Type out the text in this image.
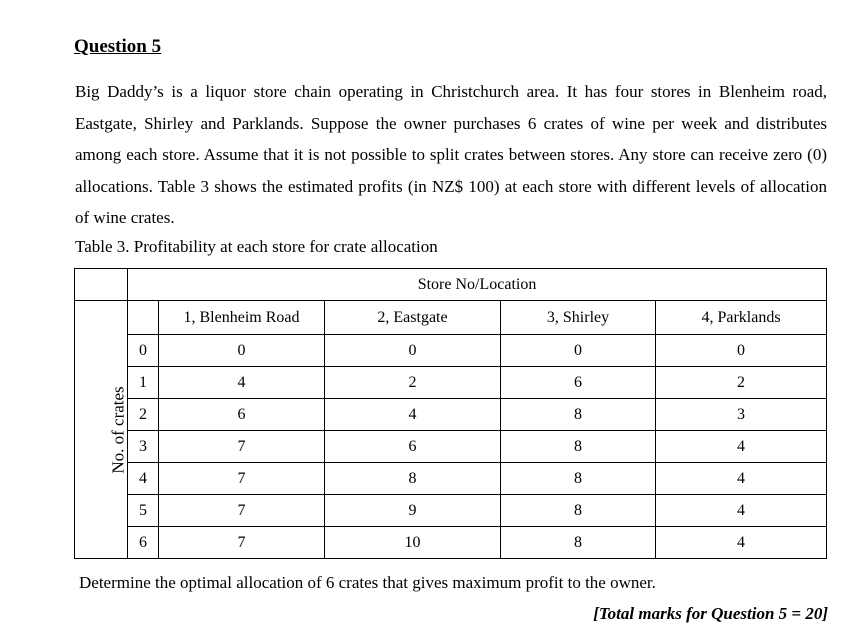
Question 5
Big Daddy’s is a liquor store chain operating in Christchurch area. It has four stores in Blenheim road, Eastgate, Shirley and Parklands. Suppose the owner purchases 6 crates of wine per week and distributes among each store. Assume that it is not possible to split crates between stores. Any store can receive zero (0) allocations. Table 3 shows the estimated profits (in NZ$ 100) at each store with different levels of allocation of wine crates.
Table 3. Profitability at each store for crate allocation
	Store No/Location				
No. of crates		1, Blenheim Road	2, Eastgate	3, Shirley	4, Parklands
	0	0	0	0	0
	1	4	2	6	2
	2	6	4	8	3
	3	7	6	8	4
	4	7	8	8	4
	5	7	9	8	4
	6	7	10	8	4
Determine the optimal allocation of 6 crates that gives maximum profit to the owner.
[Total marks for Question 5 = 20]
